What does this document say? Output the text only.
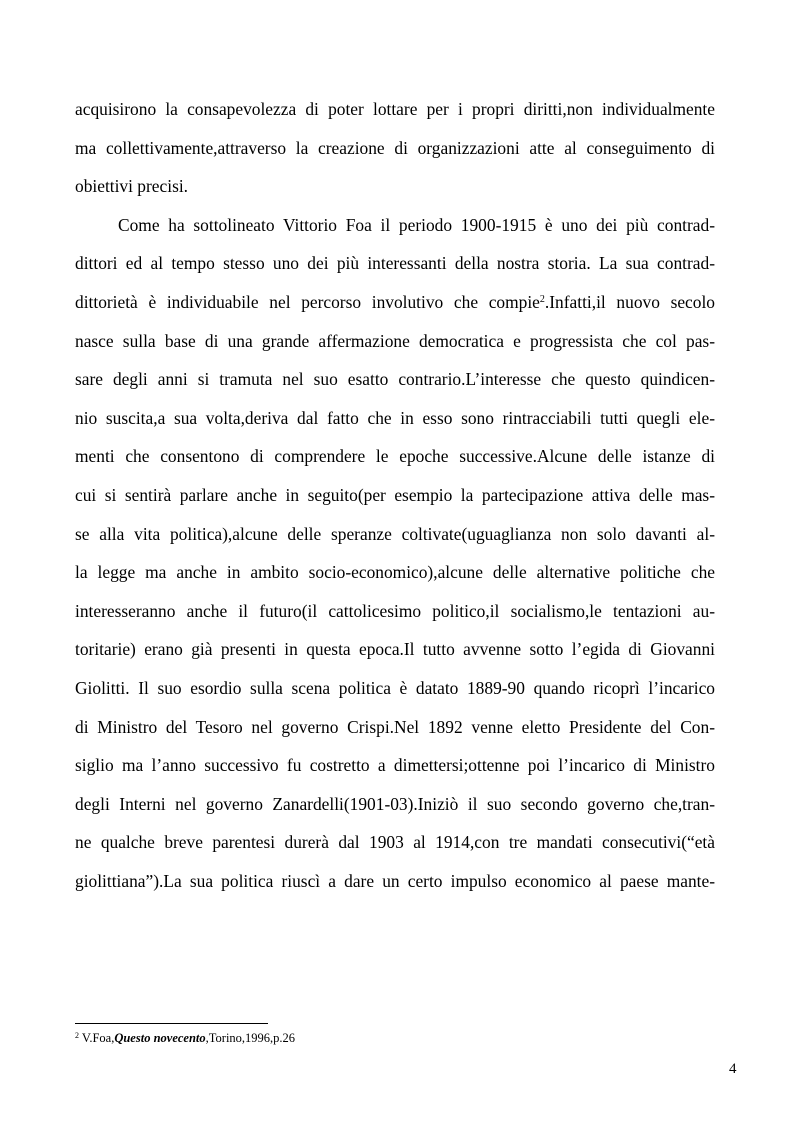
acquisirono la consapevolezza di poter lottare per i propri diritti,non individualmente
ma collettivamente,attraverso la creazione di organizzazioni atte al conseguimento di
obiettivi precisi.
Come ha sottolineato Vittorio Foa il periodo 1900-1915 è uno dei più contrad-
dittori ed al tempo stesso uno dei più interessanti della nostra storia. La sua contrad-
dittorietà è individuabile nel percorso involutivo che compie$^2$.Infatti,il nuovo secolo
nasce sulla base di una grande affermazione democratica e progressista che col pas-
sare degli anni si tramuta nel suo esatto contrario.L’interesse che questo quindicen-
nio suscita,a sua volta,deriva dal fatto che in esso sono rintracciabili tutti quegli ele-
menti che consentono di comprendere le epoche successive.Alcune delle istanze di
cui si sentirà parlare anche in seguito(per esempio la partecipazione attiva delle mas-
se alla vita politica),alcune delle speranze coltivate(uguaglianza non solo davanti al-
la legge ma anche in ambito socio-economico),alcune delle alternative politiche che
interesseranno anche il futuro(il cattolicesimo politico,il socialismo,le tentazioni au-
toritarie) erano già presenti in questa epoca.Il tutto avvenne sotto l’egida di Giovanni
Giolitti. Il suo esordio sulla scena politica è datato 1889-90 quando ricoprì l’incarico
di Ministro del Tesoro nel governo Crispi.Nel 1892 venne eletto Presidente del Con-
siglio ma l’anno successivo fu costretto a dimettersi;ottenne poi l’incarico di Ministro
degli Interni nel governo Zanardelli(1901-03).Iniziò il suo secondo governo che,tran-
ne qualche breve parentesi durerà dal 1903 al 1914,con tre mandati consecutivi(“età
giolittiana”).La sua politica riuscì a dare un certo impulso economico al paese mante-
$^2$ V.Foa,Questo novecento,Torino,1996,p.26
4
